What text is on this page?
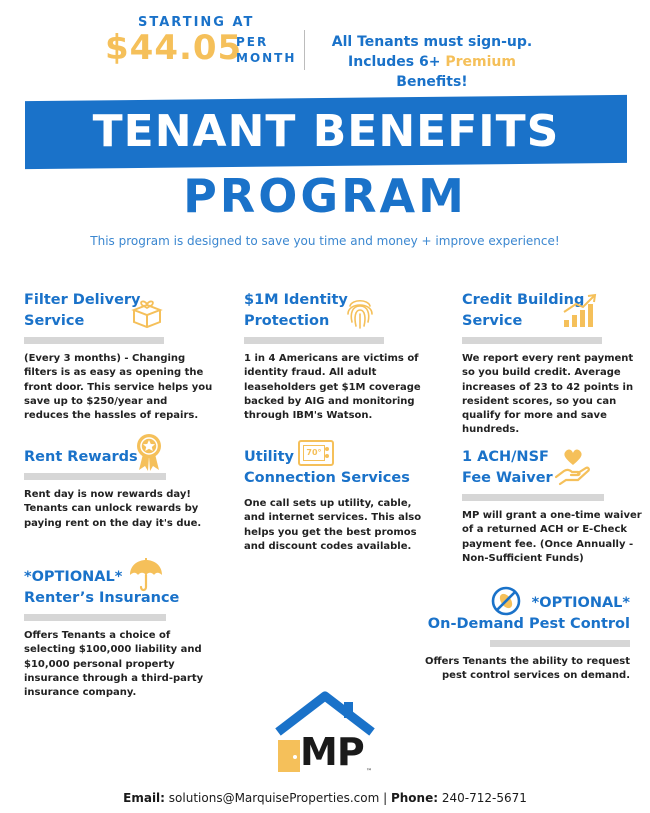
STARTING AT
$44.05
PER
MONTH
All Tenants must sign-up.
Includes 6+ Premium Benefits!
TENANT BENEFITS
PROGRAM
This program is designed to save you time and money + improve experience!
Filter Delivery
Service
(Every 3 months) - Changing filters is as easy as opening the front door. This service helps you save up to $250/year and reduces the hassles of repairs.
$1M Identity
Protection
1 in 4 Americans are victims of identity fraud. All adult leaseholders get $1M coverage backed by AIG and monitoring through IBM's Watson.
Credit Building
Service
We report every rent payment so you build credit. Average increases of 23 to 42 points in resident scores, so you can qualify for more and save hundreds.
Rent Rewards
Rent day is now rewards day! Tenants can unlock rewards by paying rent on the day it's due.
Utility
Connection Services
One call sets up utility, cable, and internet services. This also helps you get the best promos and discount codes available.
70°	1 ACH/NSF
Fee Waiver
MP will grant a one-time waiver of a returned ACH or E-Check payment fee. (Once Annually - Non-Sufficient Funds)
*OPTIONAL*
Renter’s Insurance
Offers Tenants a choice of selecting $100,000 liability and $10,000 personal property insurance through a third-party insurance company.
*OPTIONAL*
On-Demand Pest Control
Offers Tenants the ability to request pest control services on demand.
MP ™
Email: solutions@MarquiseProperties.com | Phone: 240-712-5671
